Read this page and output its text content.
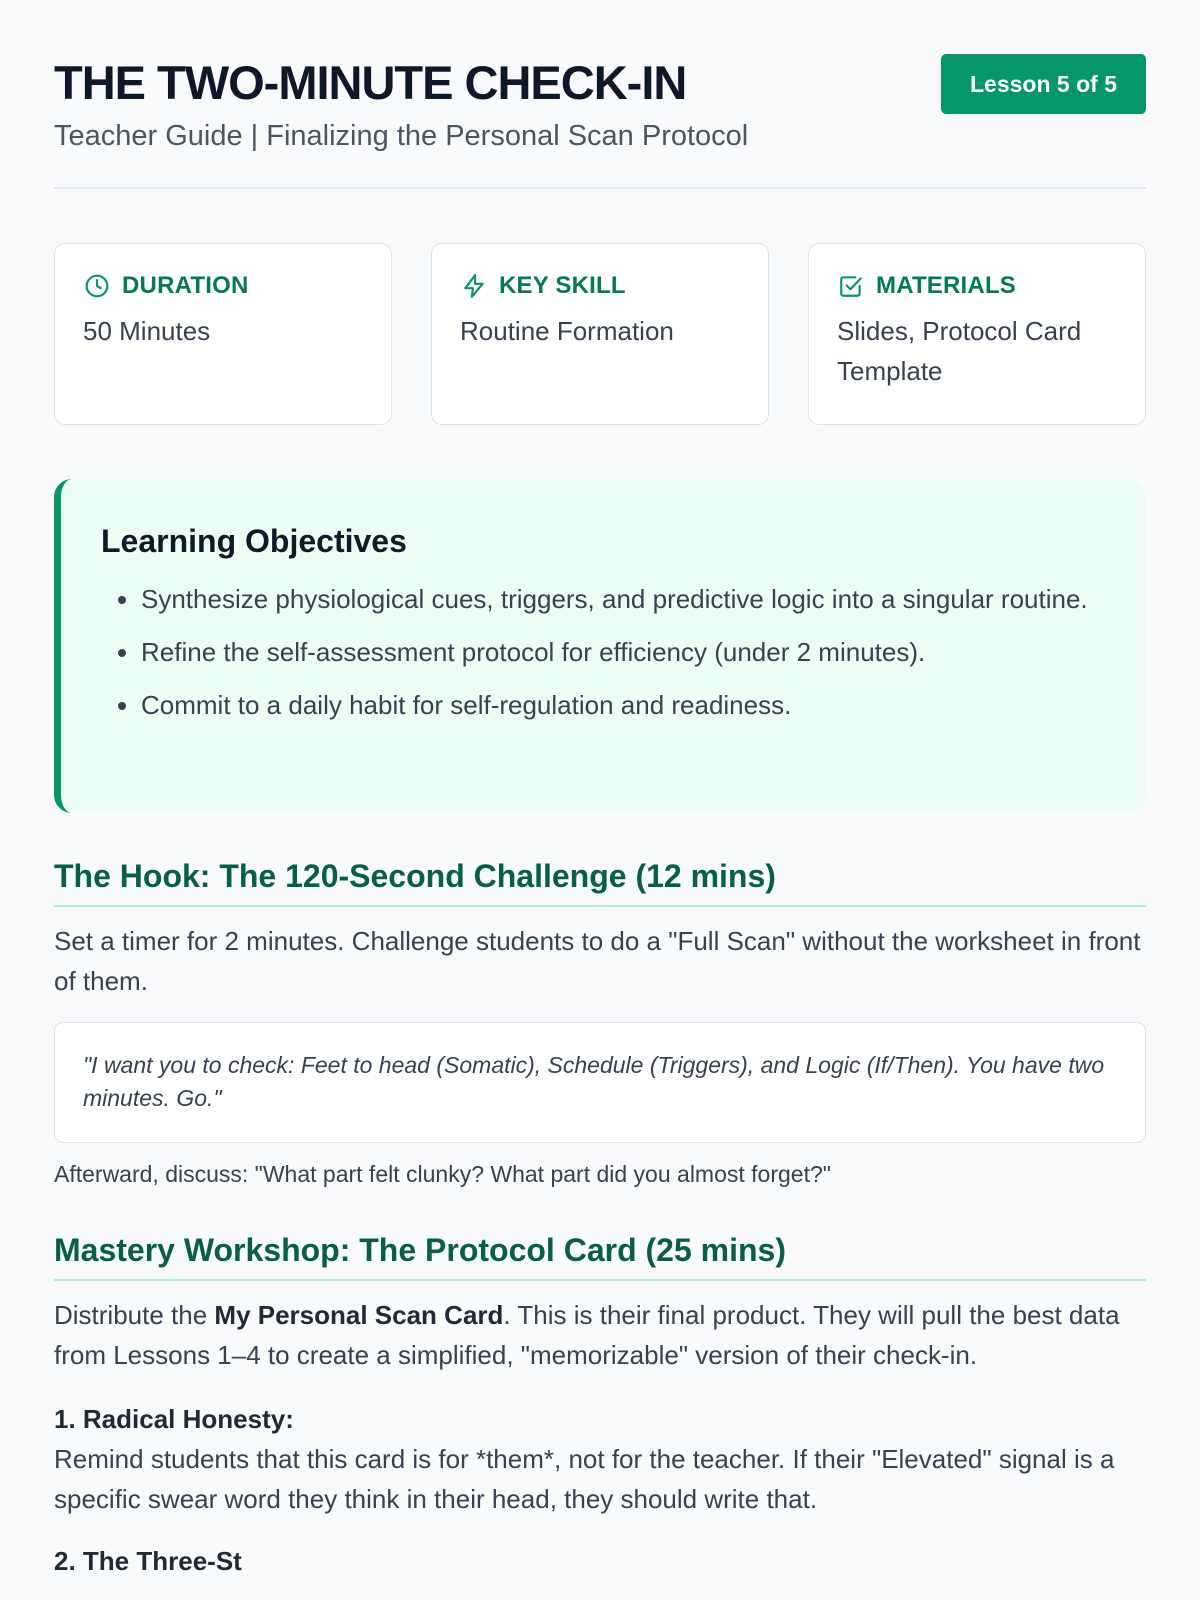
THE TWO-MINUTE CHECK-IN
Teacher Guide | Finalizing the Personal Scan Protocol
Lesson 5 of 5
DURATION
50 Minutes
KEY SKILL
Routine Formation
MATERIALS
Slides, Protocol Card Template
Learning Objectives
• Synthesize physiological cues, triggers, and predictive logic into a singular routine.
• Refine the self-assessment protocol for efficiency (under 2 minutes).
• Commit to a daily habit for self-regulation and readiness.
The Hook: The 120-Second Challenge (12 mins)

Set a timer for 2 minutes. Challenge students to do a "Full Scan" without the worksheet in front of them.

"I want you to check: Feet to head (Somatic), Schedule (Triggers), and Logic (If/Then). You have two minutes. Go."
Afterward, discuss: "What part felt clunky? What part did you almost forget?"
Mastery Workshop: The Protocol Card (25 mins)

Distribute the My Personal Scan Card. This is their final product. They will pull the best data from Lessons 1–4 to create a simplified, "memorizable" version of their check-in.

1. Radical Honesty:

Remind students that this card is for *them*, not for the teacher. If their "Elevated" signal is a specific swear word they think in their head, they should write that.

2. The Three-St
